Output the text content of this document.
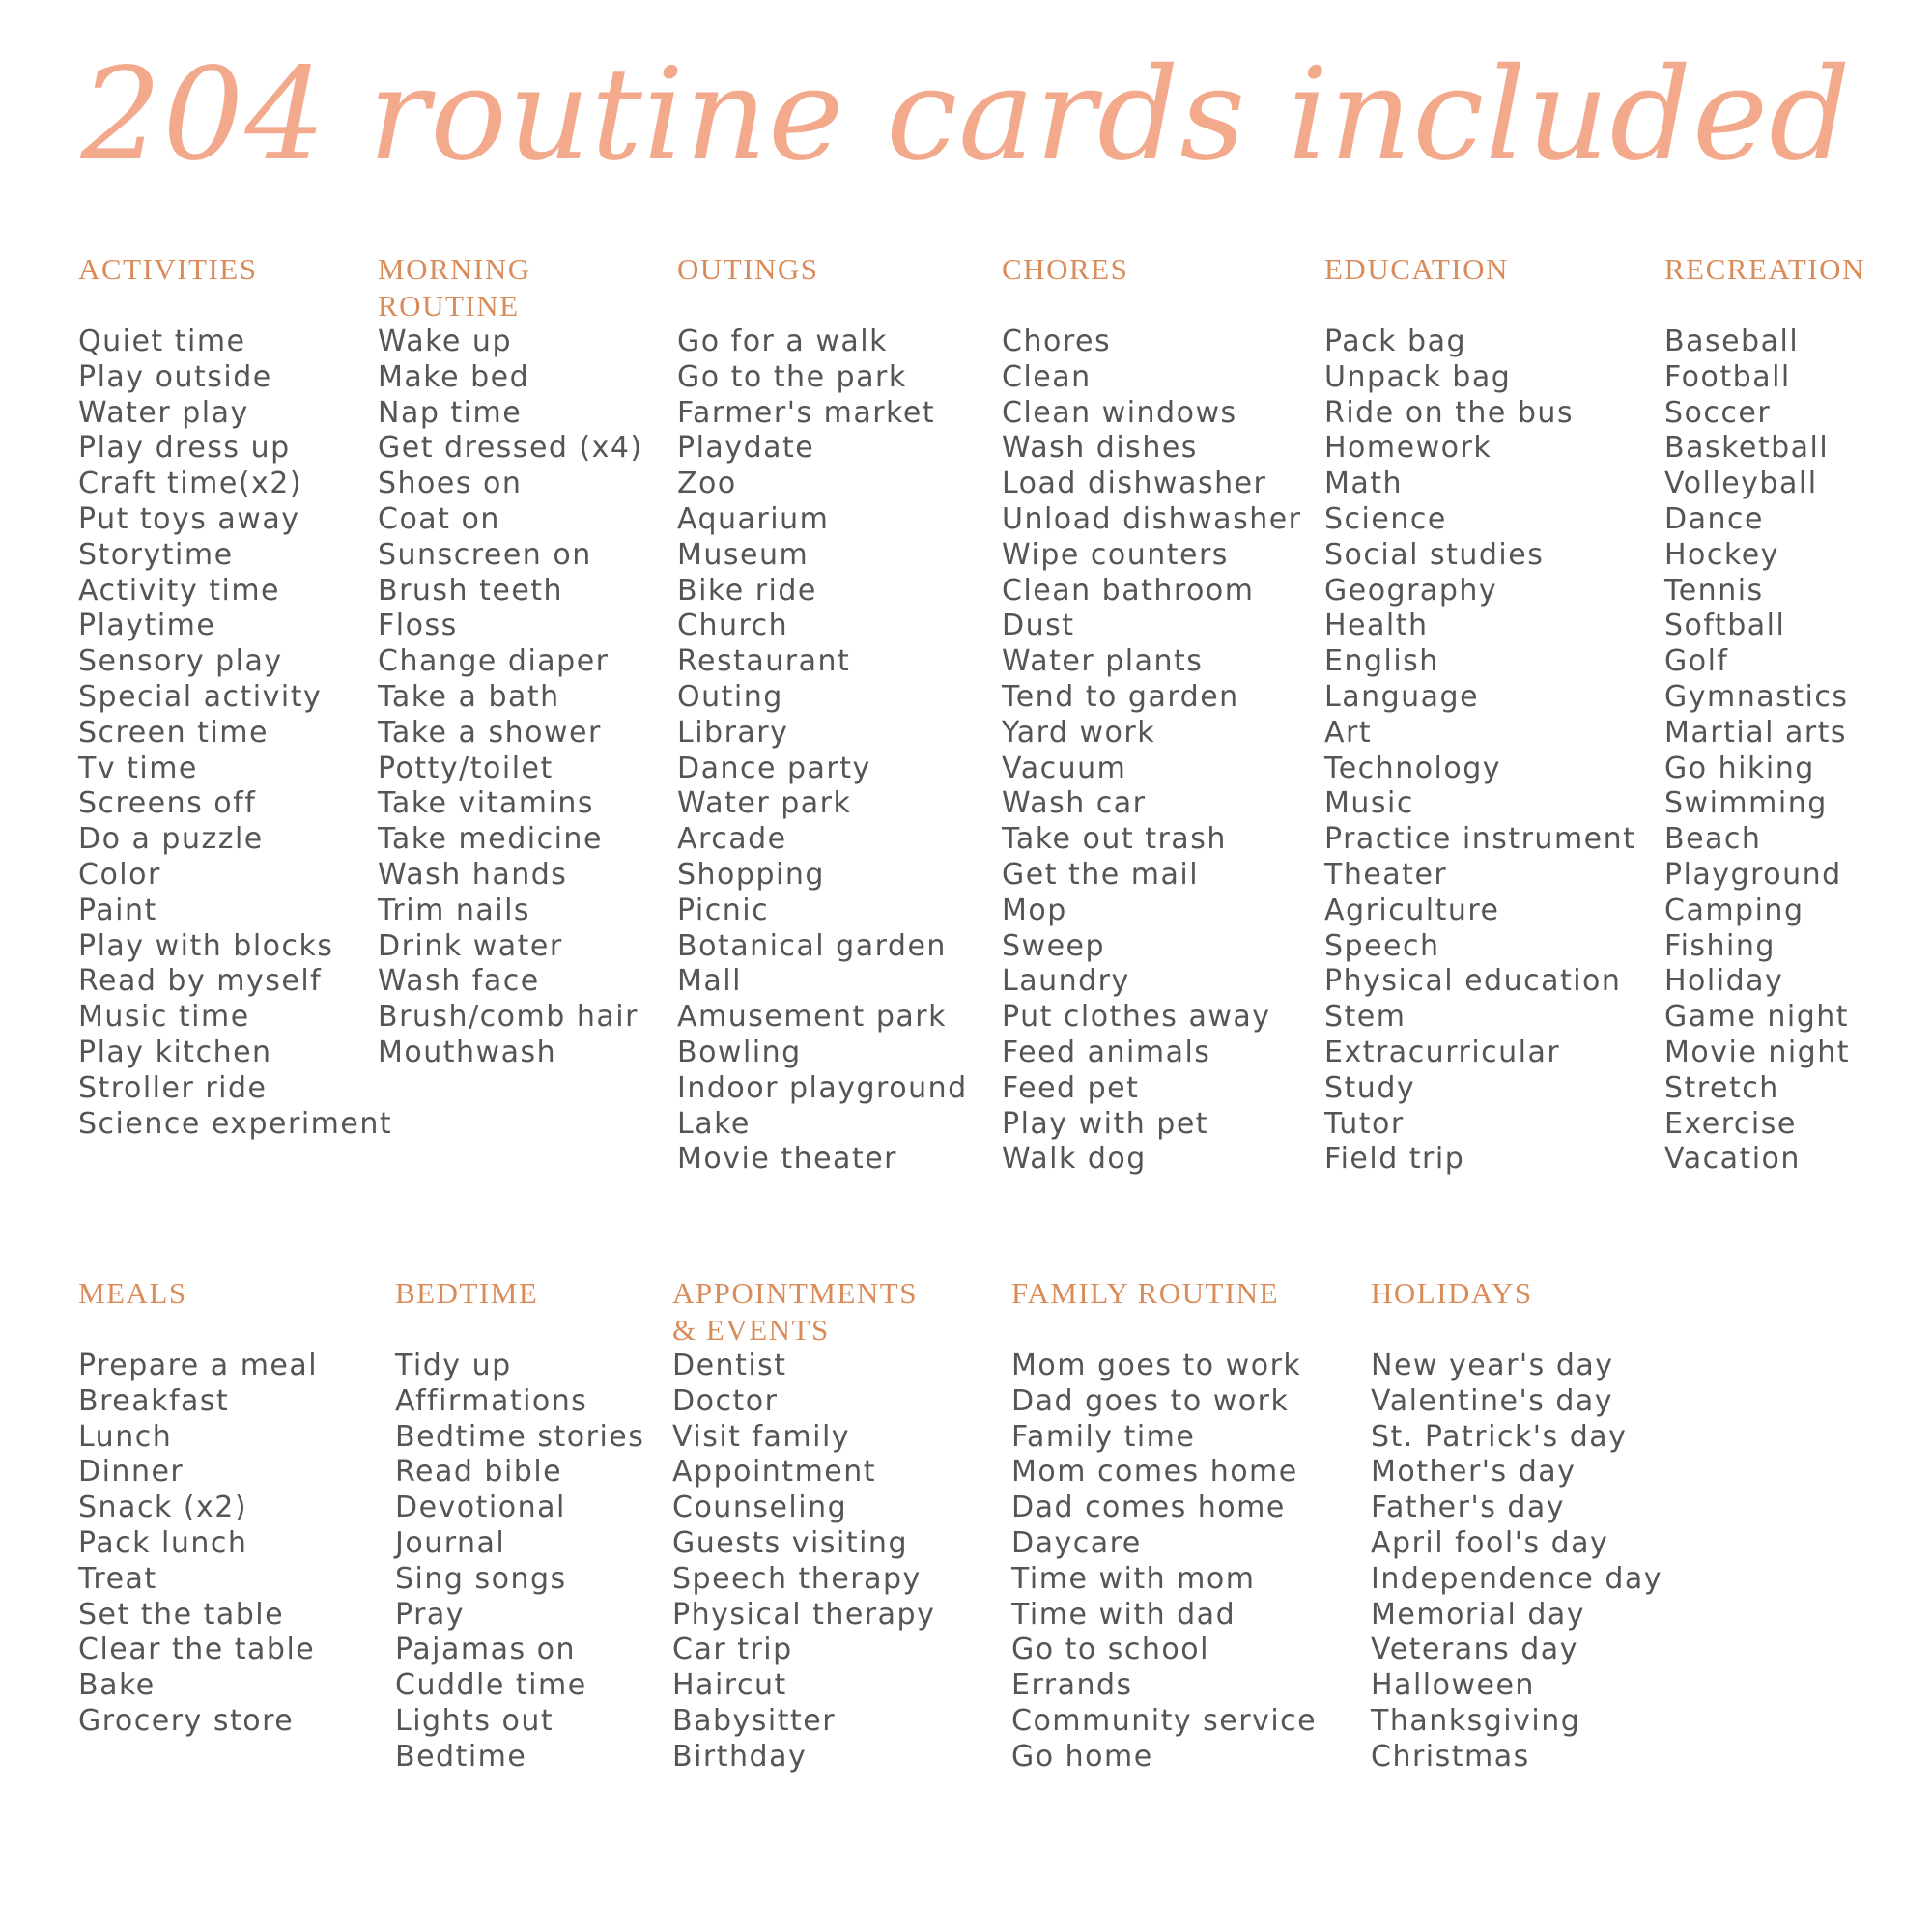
204 routine cards included
ACTIVITIES
Quiet time
Play outside
Water play
Play dress up
Craft time(x2)
Put toys away
Storytime
Activity time
Playtime
Sensory play
Special activity
Screen time
Tv time
Screens off
Do a puzzle
Color
Paint
Play with blocks
Read by myself
Music time
Play kitchen
Stroller ride
Science experiment
MORNING
ROUTINE
Wake up
Make bed
Nap time
Get dressed (x4)
Shoes on
Coat on
Sunscreen on
Brush teeth
Floss
Change diaper
Take a bath
Take a shower
Potty/toilet
Take vitamins
Take medicine
Wash hands
Trim nails
Drink water
Wash face
Brush/comb hair
Mouthwash
OUTINGS
Go for a walk
Go to the park
Farmer's market
Playdate
Zoo
Aquarium
Museum
Bike ride
Church
Restaurant
Outing
Library
Dance party
Water park
Arcade
Shopping
Picnic
Botanical garden
Mall
Amusement park
Bowling
Indoor playground
Lake
Movie theater
CHORES
Chores
Clean
Clean windows
Wash dishes
Load dishwasher
Unload dishwasher
Wipe counters
Clean bathroom
Dust
Water plants
Tend to garden
Yard work
Vacuum
Wash car
Take out trash
Get the mail
Mop
Sweep
Laundry
Put clothes away
Feed animals
Feed pet
Play with pet
Walk dog
EDUCATION
Pack bag
Unpack bag
Ride on the bus
Homework
Math
Science
Social studies
Geography
Health
English
Language
Art
Technology
Music
Practice instrument
Theater
Agriculture
Speech
Physical education
Stem
Extracurricular
Study
Tutor
Field trip
RECREATION
Baseball
Football
Soccer
Basketball
Volleyball
Dance
Hockey
Tennis
Softball
Golf
Gymnastics
Martial arts
Go hiking
Swimming
Beach
Playground
Camping
Fishing
Holiday
Game night
Movie night
Stretch
Exercise
Vacation
MEALS
Prepare a meal
Breakfast
Lunch
Dinner
Snack (x2)
Pack lunch
Treat
Set the table
Clear the table
Bake
Grocery store
BEDTIME
Tidy up
Affirmations
Bedtime stories
Read bible
Devotional
Journal
Sing songs
Pray
Pajamas on
Cuddle time
Lights out
Bedtime
APPOINTMENTS
& EVENTS
Dentist
Doctor
Visit family
Appointment
Counseling
Guests visiting
Speech therapy
Physical therapy
Car trip
Haircut
Babysitter
Birthday
FAMILY ROUTINE
Mom goes to work
Dad goes to work
Family time
Mom comes home
Dad comes home
Daycare
Time with mom
Time with dad
Go to school
Errands
Community service
Go home
HOLIDAYS
New year's day
Valentine's day
St. Patrick's day
Mother's day
Father's day
April fool's day
Independence day
Memorial day
Veterans day
Halloween
Thanksgiving
Christmas
